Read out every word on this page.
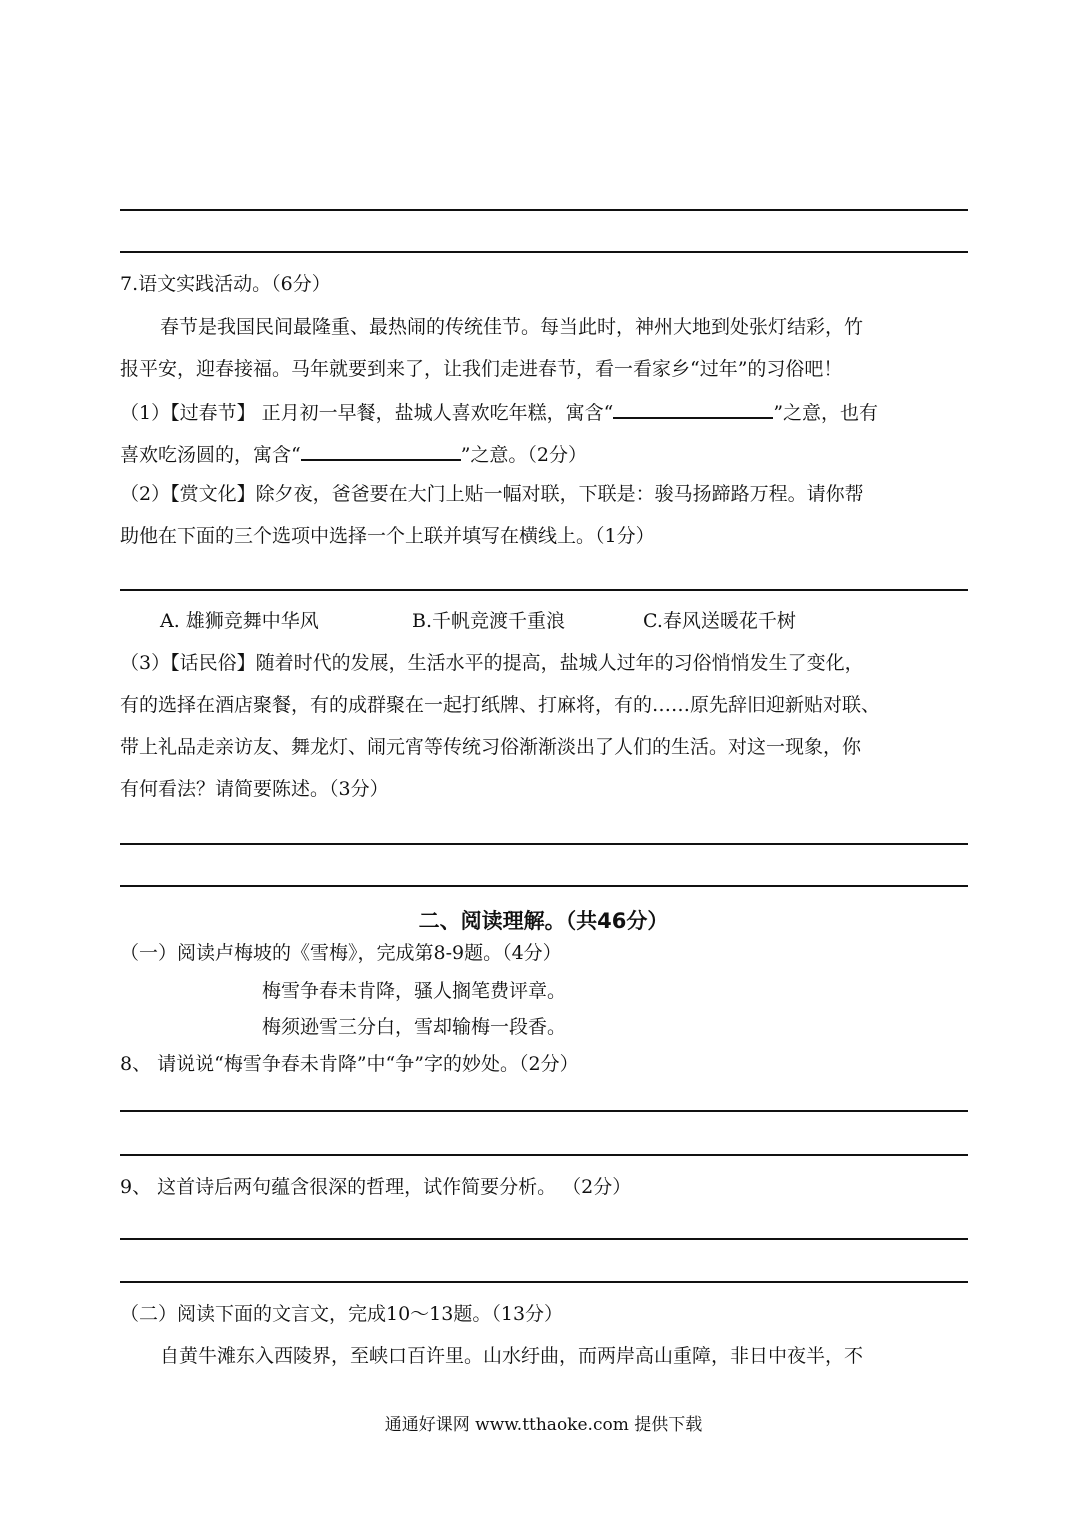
7.语文实践活动。（6分）
春节是我国民间最隆重、最热闹的传统佳节。每当此时，神州大地到处张灯结彩，竹
报平安，迎春接福。马年就要到来了，让我们走进春节，看一看家乡“过年”的习俗吧！
（1）【过春节】 正月初一早餐，盐城人喜欢吃年糕，寓含“	”之意，也有
喜欢吃汤圆的，寓含“	”之意。（2分）
（2）【赏文化】除夕夜，爸爸要在大门上贴一幅对联，下联是：骏马扬蹄路万程。请你帮
助他在下面的三个选项中选择一个上联并填写在横线上。（1分）
A. 雄狮竞舞中华风	B.千帆竞渡千重浪	C.春风送暖花千树
（3）【话民俗】随着时代的发展，生活水平的提高，盐城人过年的习俗悄悄发生了变化，
有的选择在酒店聚餐，有的成群聚在一起打纸牌、打麻将，有的……原先辞旧迎新贴对联、
带上礼品走亲访友、舞龙灯、闹元宵等传统习俗渐渐淡出了人们的生活。对这一现象，你
有何看法？请简要陈述。（3分）
二、阅读理解。（共46分）
（一）阅读卢梅坡的《雪梅》，完成第8-9题。（4分）
梅雪争春未肯降，骚人搁笔费评章。
梅须逊雪三分白，雪却输梅一段香。
8、 请说说“梅雪争春未肯降”中“争”字的妙处。（2分）
9、 这首诗后两句蕴含很深的哲理，试作简要分析。 （2分）
（二）阅读下面的文言文，完成10～13题。（13分）
自黄牛滩东入西陵界，至峡口百许里。山水纡曲，而两岸高山重障，非日中夜半，不
通通好课网 www.tthaoke.com 提供下载
